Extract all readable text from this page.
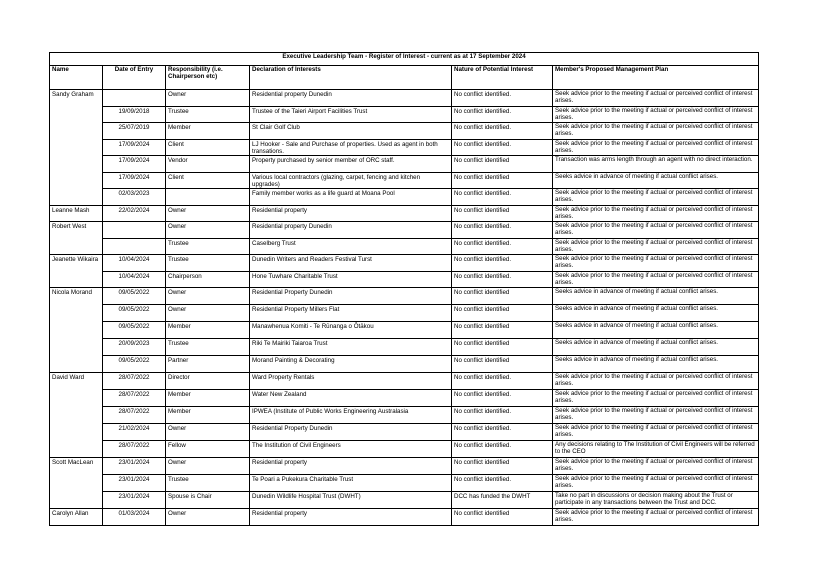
Executive Leadership Team - Register of Interest - current as at 17 September 2024					
Name	Date of Entry	Responsibility (i.e. Chairperson etc)	Declaration of Interests	Nature of Potential Interest	Member's Proposed Management Plan

Sandy Graham		Owner	Residential property Dunedin	No conflict identified.	Seek advice prior to the meeting if actual or perceived conflict of interest arises.

	19/09/2018	Trustee	Trustee of the Taieri Airport Facilities Trust	No conflict identified.	Seek advice prior to the meeting if actual or perceived conflict of interest arises.

	25/07/2019	Member	St Clair Golf Club	No conflict identified.	Seek advice prior to the meeting if actual or perceived conflict of interest arises.

	17/09/2024	Client	LJ Hooker - Sale and Purchase of properties. Used as agent in both transations.	No conflict identified.	Seek advice prior to the meeting if actual or perceived conflict of interest arises.

	17/09/2024	Vendor	Property purchased by senior member of ORC staff.	No conflict identified	Transaction was arms length through an agent with no direct interaction.

	17/09/2024	Client	Various local contractors (glazing, carpet, fencing and kitchen upgrades)	No conflict identified	Seeks advice in advance of meeting if actual conflict arises.

	02/03/2023		Family member works as a life guard at Moana Pool	No conflict identified.	Seek advice prior to the meeting if actual or perceived conflict of interest arises.

Leanne Mash	22/02/2024	Owner	Residential property	No conflict identified	Seek advice prior to the meeting if actual or perceived conflict of interest arises.

Robert West		Owner	Residential property Dunedin	No conflict identified.	Seek advice prior to the meeting if actual or perceived conflict of interest arises.

		Trustee	Caselberg Trust	No conflict identified.	Seek advice prior to the meeting if actual or perceived conflict of interest arises.

Jeanette Wikaira	10/04/2024	Trustee	Dunedin Writers and Readers Festival Turst	No conflict identified.	Seek advice prior to the meeting if actual or perceived conflict of interest arises.

	10/04/2024	Chairperson	Hone Tuwhare Charitable Trust	No conflict identified.	Seek advice prior to the meeting if actual or perceived conflict of interest arises.

Nicola Morand	09/05/2022	Owner	Residential Property Dunedin	No conflict identified	Seeks advice in advance of meeting if actual conflict arises.

	09/05/2022	Owner	Residential Property Millers Flat	No conflict identified	Seeks advice in advance of meeting if actual conflict arises.

	09/05/2022	Member	Manawhenua Komiti - Te Rūnanga o Ōtākou	No conflict identified	Seeks advice in advance of meeting if actual conflict arises.

	20/09/2023	Trustee	Riki Te Mairiki Taiaroa Trust	No conflict identified	Seeks advice in advance of meeting if actual conflict arises.

	09/05/2022	Partner	Morand Painting & Decorating	No conflict identified	Seeks advice in advance of meeting if actual conflict arises.

David Ward	28/07/2022	Director	Ward Property Rentals	No conflict identified.	Seek advice prior to the meeting if actual or perceived conflict of interest arises.

	28/07/2022	Member	Water New Zealand	No conflict identified.	Seek advice prior to the meeting if actual or perceived conflict of interest arises.

	28/07/2022	Member	IPWEA (Institute of Public Works Engineering Australasia	No conflict identified.	Seek advice prior to the meeting if actual or perceived conflict of interest arises.

	21/02/2024	Owner	Residential Property Dunedin	No conflict identified.	Seek advice prior to the meeting if actual or perceived conflict of interest arises.

	28/07/2022	Fellow	The Institution of Civil Engineers	No conflict identified.	Any decisions relating to The Institution of Civil Engineers will be referred to the CEO

Scott MacLean	23/01/2024	Owner	Residential property	No conflict identified	Seek advice prior to the meeting if actual or perceived conflict of interest arises.

	23/01/2024	Trustee	Te Poari a Pukekura Charitable Trust	No conflict identified.	Seek advice prior to the meeting if actual or perceived conflict of interest arises.

	23/01/2024	Spouse is Chair	Dunedin Wildlife Hospital Trust (DWHT)	DCC has funded the DWHT	Take no part in discussions or decision making about the Trust or participate in any transactions between the Trust and DCC.

Carolyn Allan	01/03/2024	Owner	Residential property	No conflict identified	Seek advice prior to the meeting if actual or perceived conflict of interest arises.
